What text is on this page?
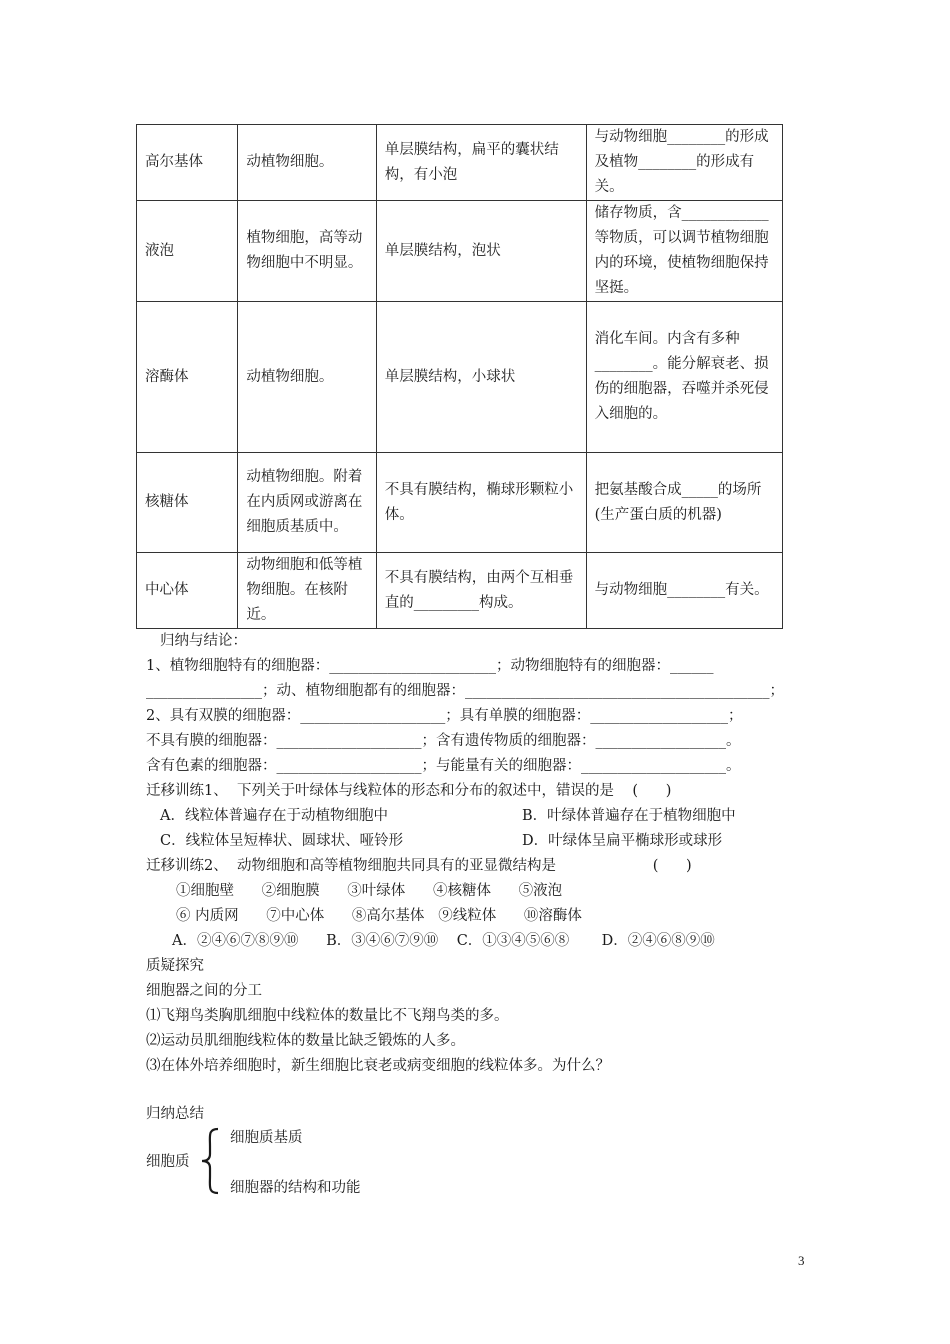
高尔基体	动植物细胞。	单层膜结构，扁平的囊状结构，有小泡	与动物细胞________的形成及植物________的形成有关。
液泡	植物细胞，高等动物细胞中不明显。	单层膜结构，泡状	储存物质，含____________等物质，可以调节植物细胞内的环境，使植物细胞保持坚挺。
溶酶体	动植物细胞。	单层膜结构，小球状	消化车间。内含有多种________。能分解衰老、损伤的细胞器，吞噬并杀死侵入细胞的。
核糖体	动植物细胞。附着在内质网或游离在细胞质基质中。	不具有膜结构，椭球形颗粒小体。	把氨基酸合成_____的场所(生产蛋白质的机器)
中心体	动物细胞和低等植物细胞。在核附近。	不具有膜结构，由两个互相垂直的_________构成。	与动物细胞________有关。
归纳与结论：
1、植物细胞特有的细胞器：_______________________；动物细胞特有的细胞器：______
________________；动、植物细胞都有的细胞器：__________________________________________；
2、具有双膜的细胞器：____________________；具有单膜的细胞器：___________________；
不具有膜的细胞器：____________________；含有遗传物质的细胞器：__________________。
含有色素的细胞器：____________________；与能量有关的细胞器：____________________。
迁移训练1、  下列关于叶绿体与线粒体的形态和分布的叙述中，错误的是    (      )
A．线粒体普遍存在于动植物细胞中	B．叶绿体普遍存在于植物细胞中
C．线粒体呈短棒状、圆球状、哑铃形	D．叶绿体呈扁平椭球形或球形
迁移训练2、  动物细胞和高等植物细胞共同具有的亚显微结构是                     (      )
①细胞壁      ②细胞膜      ③叶绿体      ④核糖体      ⑤液泡
⑥ 内质网      ⑦中心体      ⑧高尔基体   ⑨线粒体      ⑩溶酶体
A．②④⑥⑦⑧⑨⑩      B．③④⑥⑦⑨⑩    C．①③④⑤⑥⑧       D．②④⑥⑧⑨⑩
质疑探究
细胞器之间的分工
⑴飞翔鸟类胸肌细胞中线粒体的数量比不飞翔鸟类的多。
⑵运动员肌细胞线粒体的数量比缺乏锻炼的人多。
⑶在体外培养细胞时，新生细胞比衰老或病变细胞的线粒体多。为什么？
归纳总结
细胞质
细胞质基质
细胞器的结构和功能
3
